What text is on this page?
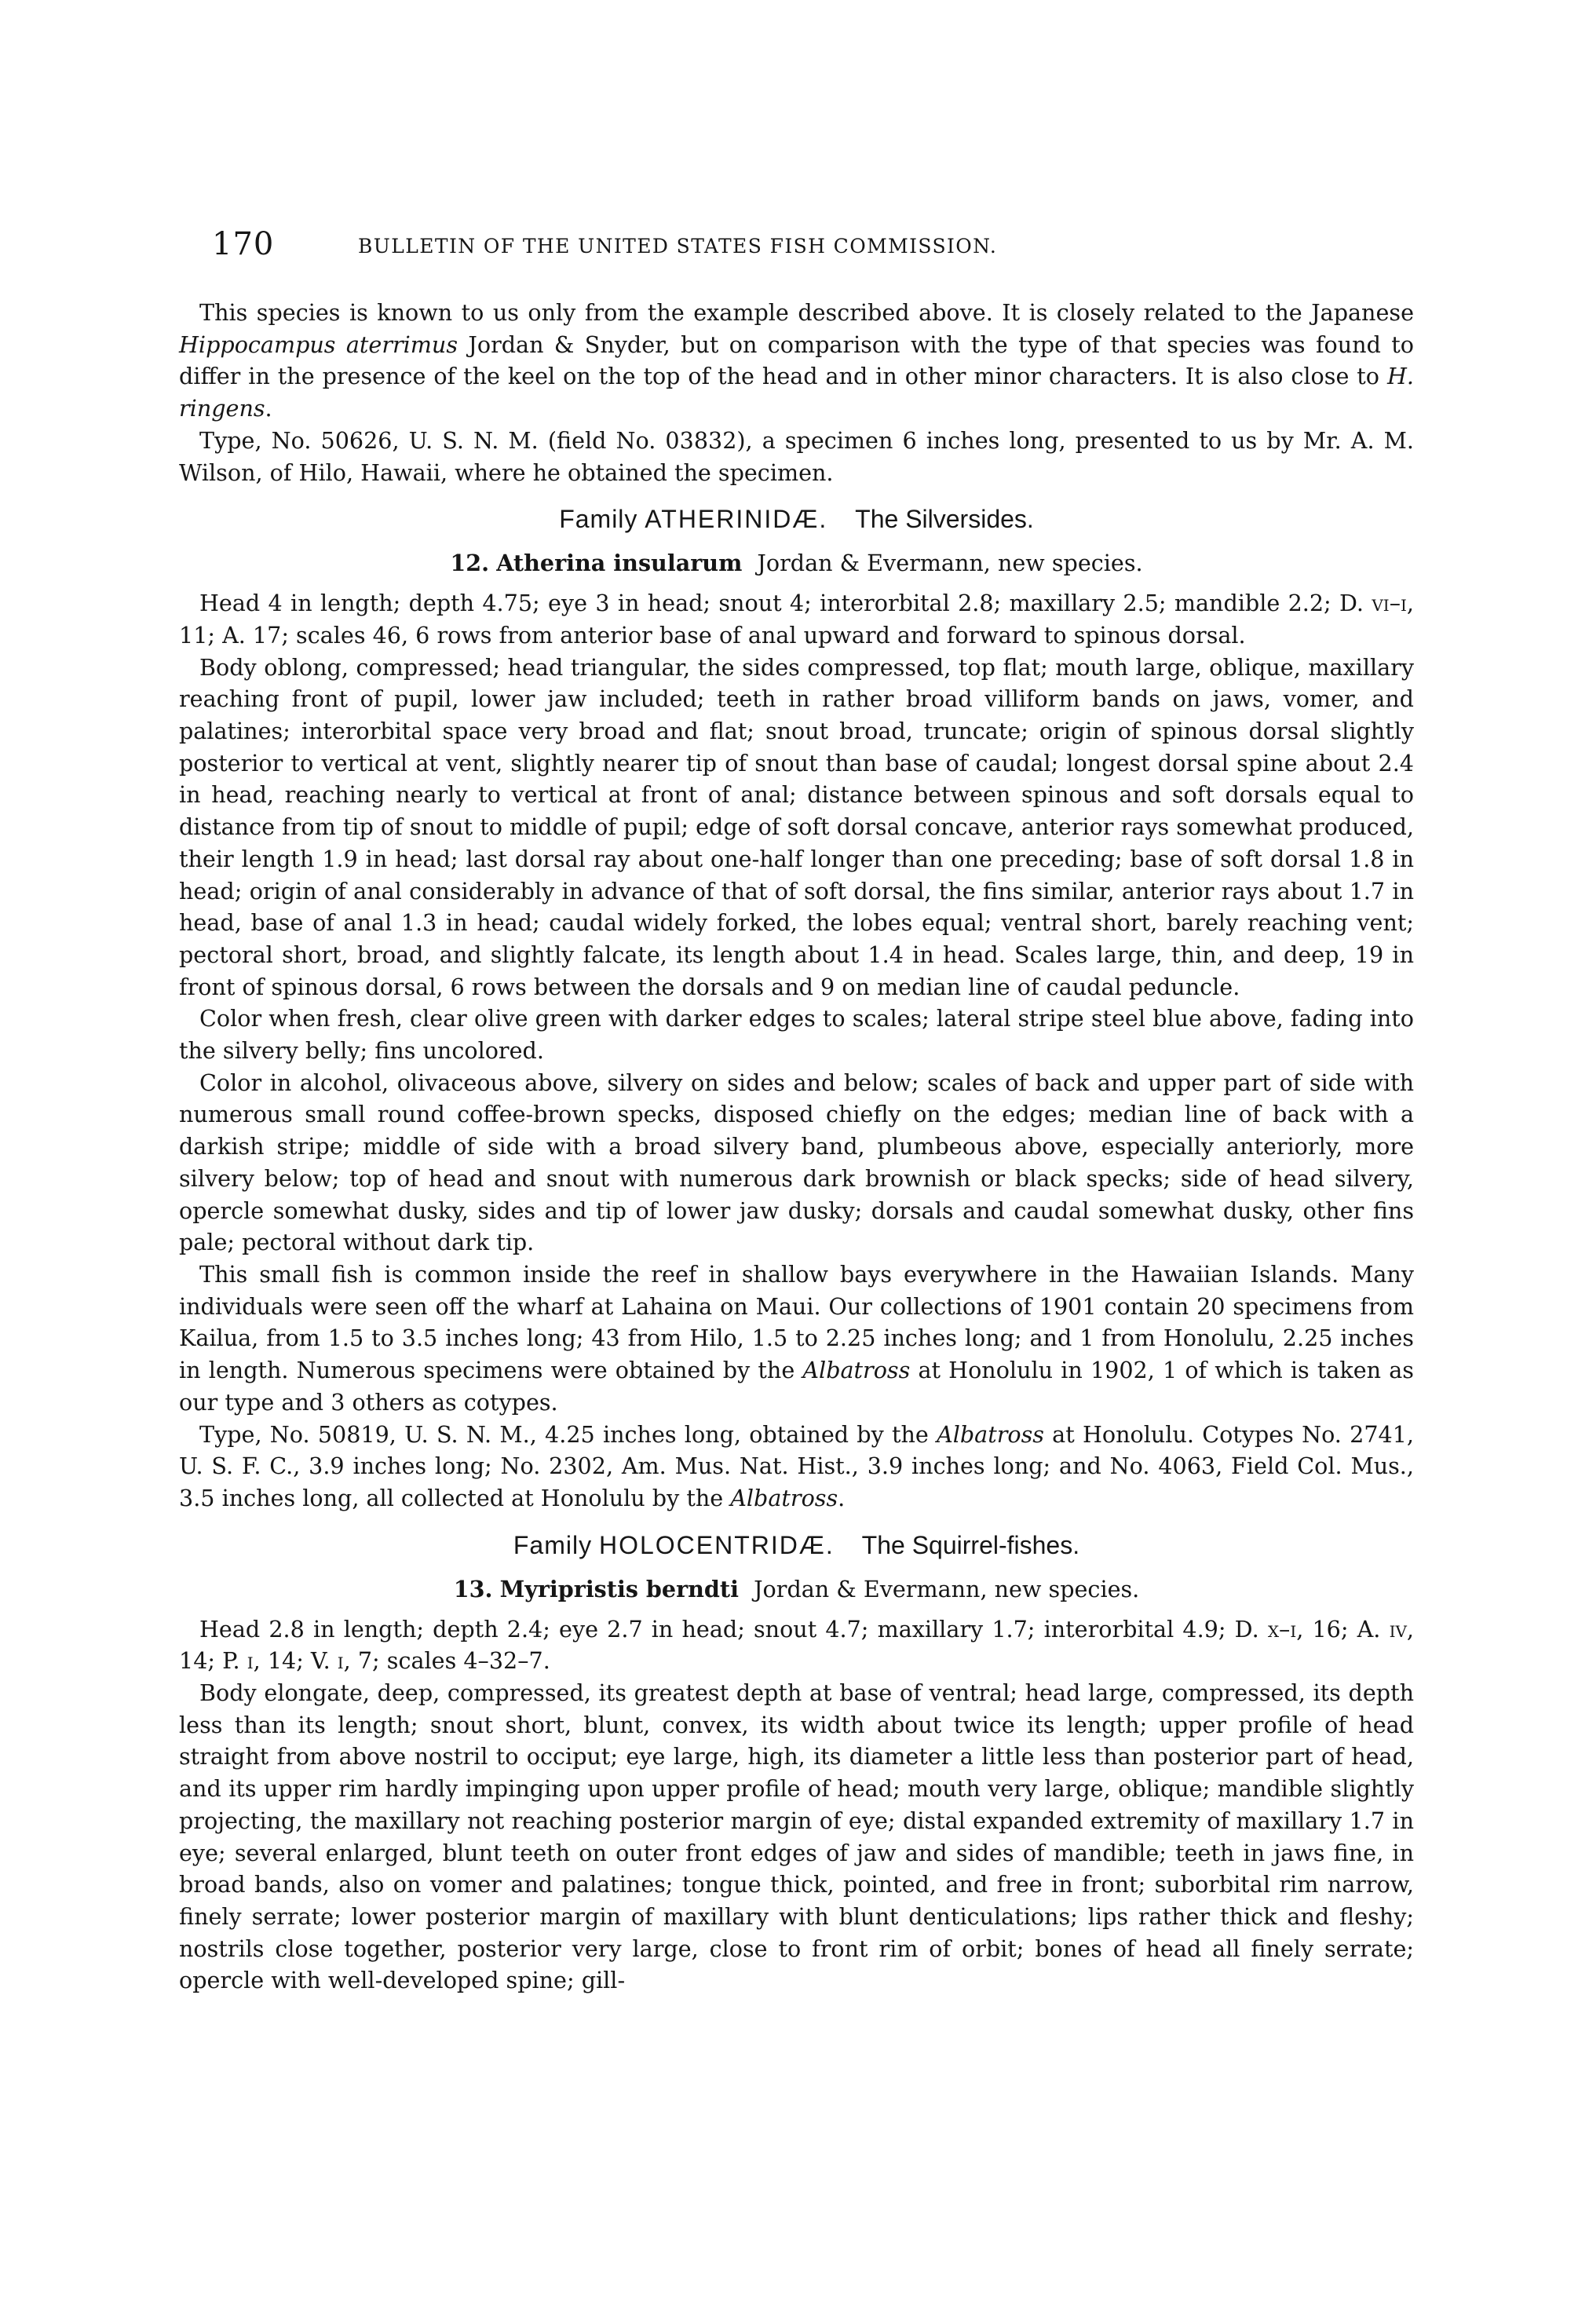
170	BULLETIN OF THE UNITED STATES FISH COMMISSION.

This species is known to us only from the example described above. It is closely related to the Japanese Hippocampus aterrimus Jordan & Snyder, but on comparison with the type of that species was found to differ in the presence of the keel on the top of the head and in other minor characters. It is also close to H. ringens.

Type, No. 50626, U. S. N. M. (field No. 03832), a specimen 6 inches long, presented to us by Mr. A. M. Wilson, of Hilo, Hawaii, where he obtained the specimen.

Family ATHERINIDÆ. The Silversides.
12. Atherina insularum Jordan & Evermann, new species.

Head 4 in length; depth 4.75; eye 3 in head; snout 4; interorbital 2.8; maxillary 2.5; mandible 2.2; D. vi–i, 11; A. 17; scales 46, 6 rows from anterior base of anal upward and forward to spinous dorsal.

Body oblong, compressed; head triangular, the sides compressed, top flat; mouth large, oblique, maxillary reaching front of pupil, lower jaw included; teeth in rather broad villiform bands on jaws, vomer, and palatines; interorbital space very broad and flat; snout broad, truncate; origin of spinous dorsal slightly posterior to vertical at vent, slightly nearer tip of snout than base of caudal; longest dorsal spine about 2.4 in head, reaching nearly to vertical at front of anal; distance between spinous and soft dorsals equal to distance from tip of snout to middle of pupil; edge of soft dorsal concave, anterior rays somewhat produced, their length 1.9 in head; last dorsal ray about one-half longer than one preceding; base of soft dorsal 1.8 in head; origin of anal considerably in advance of that of soft dorsal, the fins similar, anterior rays about 1.7 in head, base of anal 1.3 in head; caudal widely forked, the lobes equal; ventral short, barely reaching vent; pectoral short, broad, and slightly falcate, its length about 1.4 in head. Scales large, thin, and deep, 19 in front of spinous dorsal, 6 rows between the dorsals and 9 on median line of caudal peduncle.

Color when fresh, clear olive green with darker edges to scales; lateral stripe steel blue above, fading into the silvery belly; fins uncolored.

Color in alcohol, olivaceous above, silvery on sides and below; scales of back and upper part of side with numerous small round coffee-brown specks, disposed chiefly on the edges; median line of back with a darkish stripe; middle of side with a broad silvery band, plumbeous above, especially anteriorly, more silvery below; top of head and snout with numerous dark brownish or black specks; side of head silvery, opercle somewhat dusky, sides and tip of lower jaw dusky; dorsals and caudal somewhat dusky, other fins pale; pectoral without dark tip.

This small fish is common inside the reef in shallow bays everywhere in the Hawaiian Islands. Many individuals were seen off the wharf at Lahaina on Maui. Our collections of 1901 contain 20 specimens from Kailua, from 1.5 to 3.5 inches long; 43 from Hilo, 1.5 to 2.25 inches long; and 1 from Honolulu, 2.25 inches in length. Numerous specimens were obtained by the Albatross at Honolulu in 1902, 1 of which is taken as our type and 3 others as cotypes.

Type, No. 50819, U. S. N. M., 4.25 inches long, obtained by the Albatross at Honolulu. Cotypes No. 2741, U. S. F. C., 3.9 inches long; No. 2302, Am. Mus. Nat. Hist., 3.9 inches long; and No. 4063, Field Col. Mus., 3.5 inches long, all collected at Honolulu by the Albatross.

Family HOLOCENTRIDÆ. The Squirrel-fishes.
13. Myripristis berndti Jordan & Evermann, new species.

Head 2.8 in length; depth 2.4; eye 2.7 in head; snout 4.7; maxillary 1.7; interorbital 4.9; D. x–i, 16; A. iv, 14; P. i, 14; V. i, 7; scales 4–32–7.

Body elongate, deep, compressed, its greatest depth at base of ventral; head large, compressed, its depth less than its length; snout short, blunt, convex, its width about twice its length; upper profile of head straight from above nostril to occiput; eye large, high, its diameter a little less than posterior part of head, and its upper rim hardly impinging upon upper profile of head; mouth very large, oblique; mandible slightly projecting, the maxillary not reaching posterior margin of eye; distal expanded extremity of maxillary 1.7 in eye; several enlarged, blunt teeth on outer front edges of jaw and sides of mandible; teeth in jaws fine, in broad bands, also on vomer and palatines; tongue thick, pointed, and free in front; suborbital rim narrow, finely serrate; lower posterior margin of maxillary with blunt denticulations; lips rather thick and fleshy; nostrils close together, posterior very large, close to front rim of orbit; bones of head all finely serrate; opercle with well-developed spine; gill-
